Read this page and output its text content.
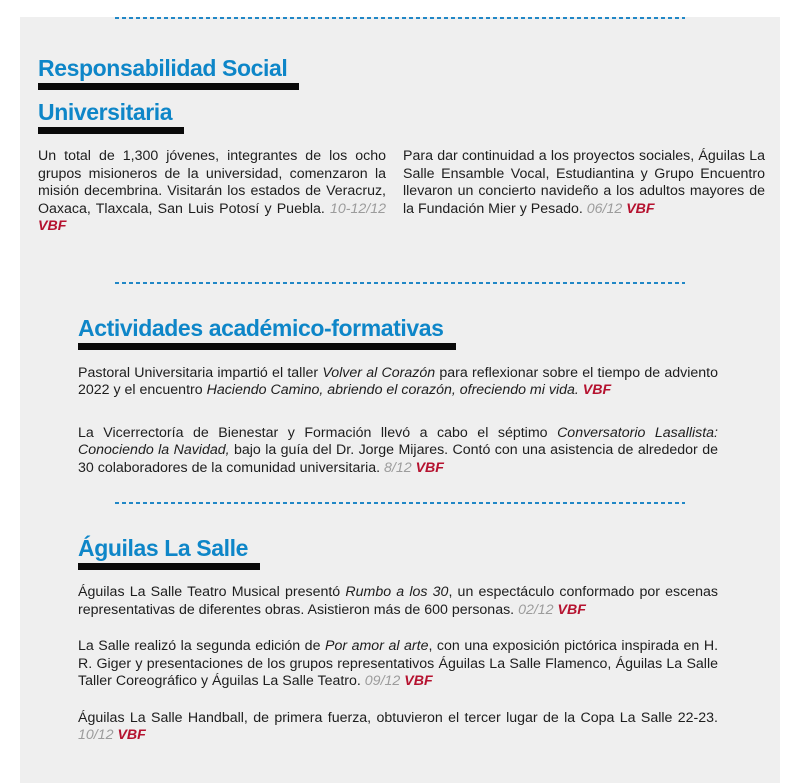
Responsabilidad Social
Universitaria

Un total de 1,300 jóvenes, integrantes de los ocho grupos misioneros de la universidad, comenzaron la misión decembrina. Visitarán los estados de Veracruz, Oaxaca, Tlaxcala, San Luis Potosí y Puebla. 10-12/12 VBF

Para dar continuidad a los proyectos sociales, Águilas La Salle Ensamble Vocal, Estudiantina y Grupo Encuentro llevaron un concierto navideño a los adultos mayores de la Fundación Mier y Pesado. 06/12 VBF

Actividades académico-formativas

Pastoral Universitaria impartió el taller Volver al Corazón para reflexionar sobre el tiempo de adviento 2022 y el encuentro Haciendo Camino, abriendo el corazón, ofreciendo mi vida. VBF

La Vicerrectoría de Bienestar y Formación llevó a cabo el séptimo Conversatorio Lasallista: Conociendo la Navidad, bajo la guía del Dr. Jorge Mijares. Contó con una asistencia de alrededor de 30 colaboradores de la comunidad universitaria. 8/12 VBF

Águilas La Salle

Águilas La Salle Teatro Musical presentó Rumbo a los 30, un espectáculo conformado por escenas representativas de diferentes obras. Asistieron más de 600 personas. 02/12 VBF

La Salle realizó la segunda edición de Por amor al arte, con una exposición pictórica inspirada en H. R. Giger y presentaciones de los grupos representativos Águilas La Salle Flamenco, Águilas La Salle Taller Coreográfico y Águilas La Salle Teatro. 09/12 VBF

Águilas La Salle Handball, de primera fuerza, obtuvieron el tercer lugar de la Copa La Salle 22-23. 10/12 VBF
